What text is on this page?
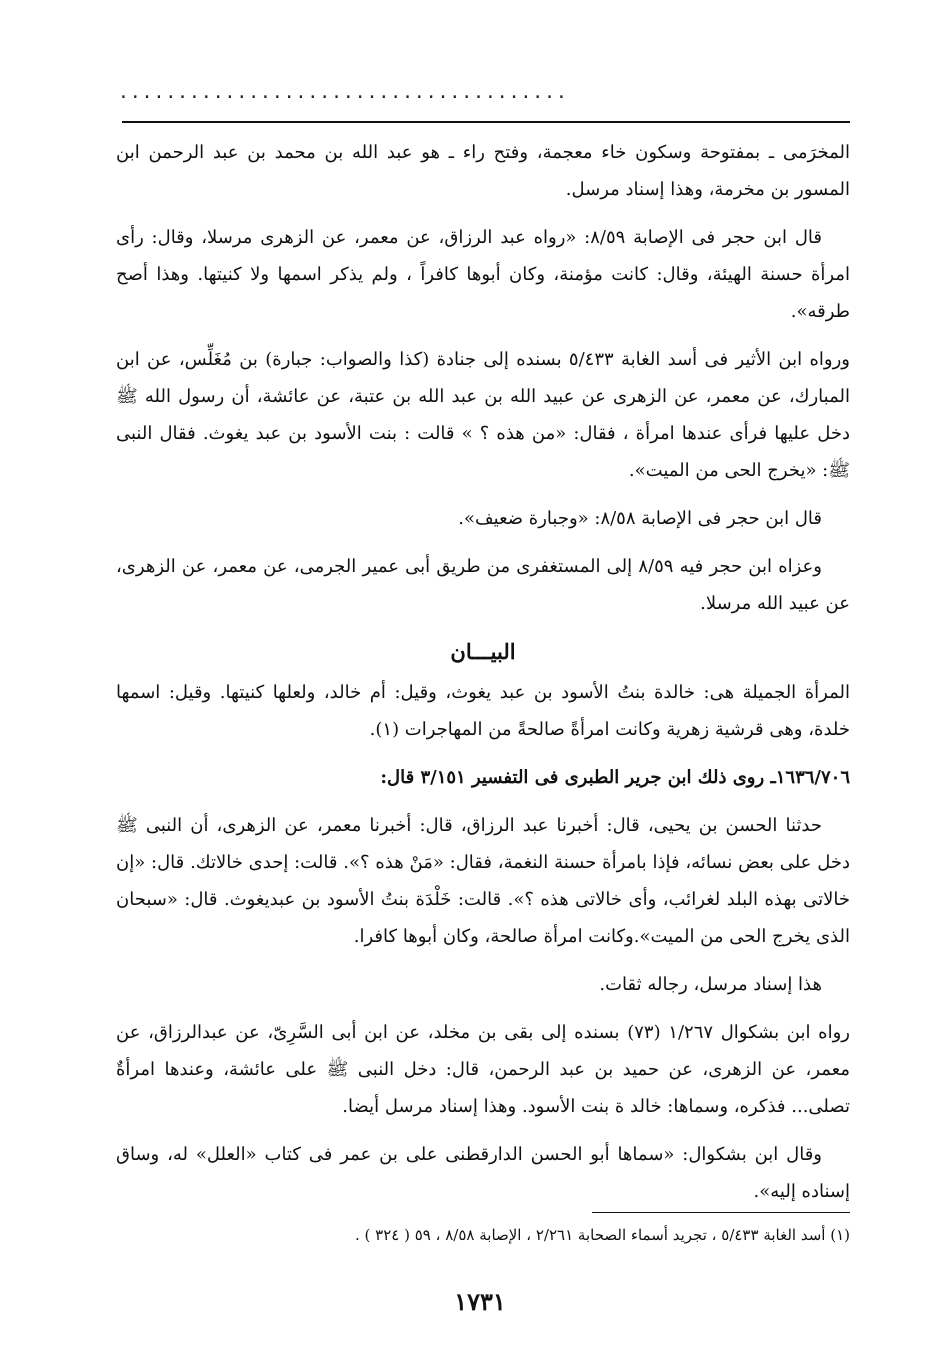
......................................

المخرَمى ـ بمفتوحة وسكون خاء معجمة، وفتح راء ـ هو عبد الله بن محمد بن عبد الرحمن ابن المسور بن مخرمة، وهذا إسناد مرسل.

قال ابن حجر فى الإصابة ٨/٥٩: «رواه عبد الرزاق، عن معمر، عن الزهرى مرسلا، وقال: رأى امرأة حسنة الهيئة، وقال: كانت مؤمنة، وكان أبوها كافراً ، ولم يذكر اسمها ولا كنيتها. وهذا أصح طرقه».

ورواه ابن الأثير فى أسد الغابة ٥/٤٣٣ بسنده إلى جنادة (كذا والصواب: جبارة) بن مُغَلِّس، عن ابن المبارك، عن معمر، عن الزهرى عن عبيد الله بن عبد الله بن عتبة، عن عائشة، أن رسول الله ﷺ دخل عليها فرأى عندها امرأة ، فقال: «من هذه ؟ » قالت : بنت الأسود بن عبد يغوث. فقال النبى ﷺ: «يخرج الحى من الميت».

قال ابن حجر فى الإصابة ٨/٥٨: «وجبارة ضعيف».

وعزاه ابن حجر فيه ٨/٥٩ إلى المستغفرى من طريق أبى عمير الجرمى، عن معمر، عن الزهرى، عن عبيد الله مرسلا.

البيـــان

المرأة الجميلة هى: خالدة بنتُ الأسود بن عبد يغوث، وقيل: أم خالد، ولعلها كنيتها. وقيل: اسمها خلدة، وهى قرشية زهرية وكانت امرأةً صالحةً من المهاجرات (١).

١٦٣٦/٧٠٦ـ روى ذلك ابن جرير الطبرى فى التفسير ٣/١٥١ قال:

حدثنا الحسن بن يحيى، قال: أخبرنا عبد الرزاق، قال: أخبرنا معمر، عن الزهرى، أن النبى ﷺ دخل على بعض نسائه، فإذا بامرأة حسنة النغمة، فقال: «مَنْ هذه ؟». قالت: إحدى خالاتك. قال: «إن خالاتى بهذه البلد لغرائب، وأى خالاتى هذه ؟». قالت: خَلْدَة بنتُ الأسود بن عبديغوث. قال: «سبحان الذى يخرج الحى من الميت».وكانت امرأة صالحة، وكان أبوها كافرا.

هذا إسناد مرسل، رجاله ثقات.

رواه ابن بشكوال ١/٢٦٧ (٧٣) بسنده إلى بقى بن مخلد، عن ابن أبى السَّرِىّ، عن عبدالرزاق، عن معمر، عن الزهرى، عن حميد بن عبد الرحمن، قال: دخل النبى ﷺ على عائشة، وعندها امرأةٌ تصلى... فذكره، وسماها: خالد ة بنت الأسود. وهذا إسناد مرسل أيضا.

وقال ابن بشكوال: «سماها أبو الحسن الدارقطنى على بن عمر فى كتاب «العلل» له، وساق إسناده إليه».

(١) أسد الغابة ٥/٤٣٣ ، تجريد أسماء الصحابة ٢/٢٦١ ، الإصابة ٨/٥٨ ، ٥٩ ( ٣٢٤ ) .
١٧٣١
